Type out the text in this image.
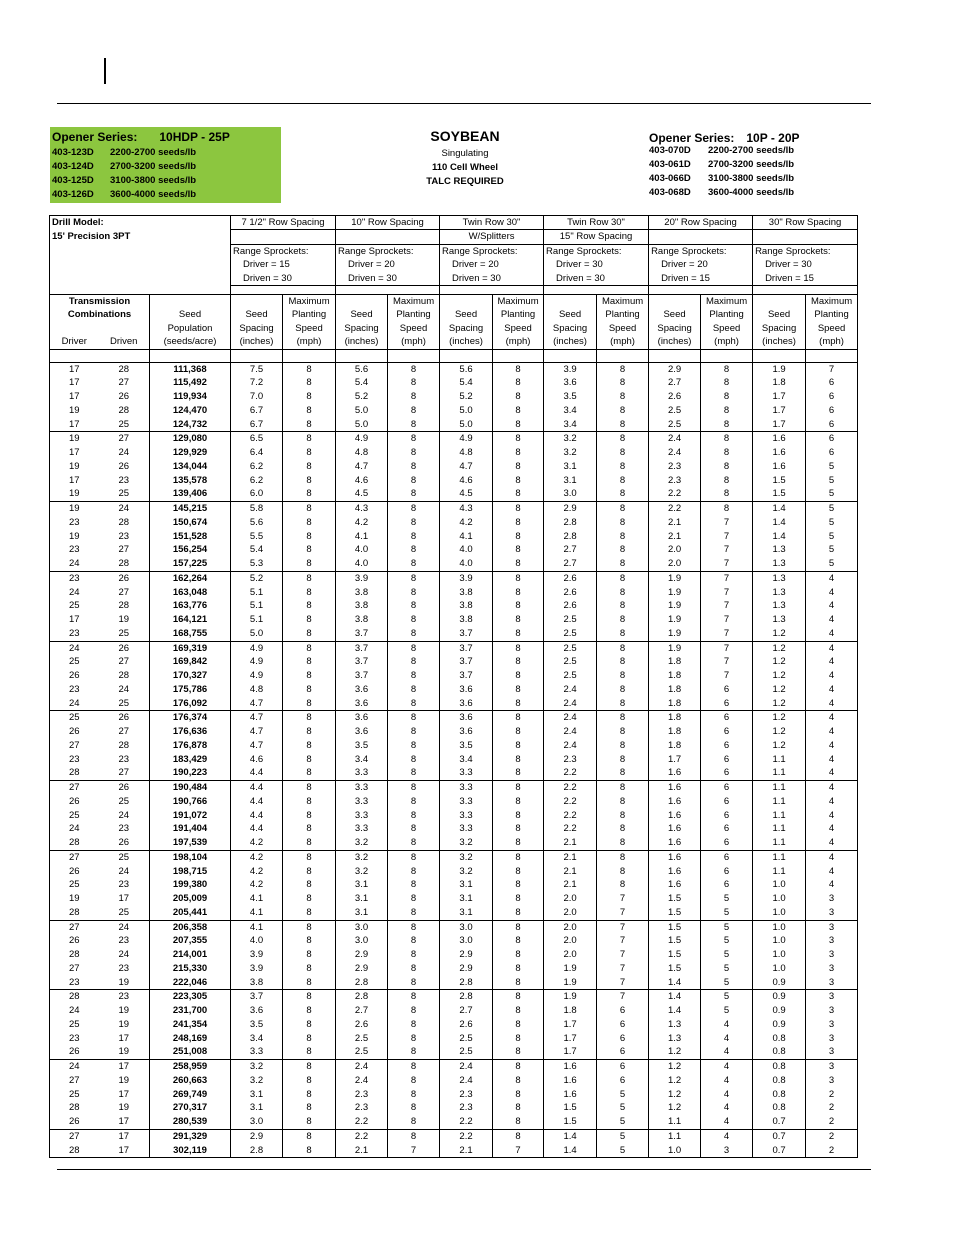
Opener Series: 10HDP - 25P
403-123D 2200-2700 seeds/lb
403-124D 2700-3200 seeds/lb
403-125D 3100-3800 seeds/lb
403-126D 3600-4000 seeds/lb
SOYBEAN
Singulating
110 Cell Wheel
TALC REQUIRED
Opener Series: 10P - 20P
403-070D 2200-2700 seeds/lb
403-061D 2700-3200 seeds/lb
403-066D 3100-3800 seeds/lb
403-068D 3600-4000 seeds/lb
Drill Model:			7 1/2" Row Spacing		10" Row Spacing		Twin Row 30"		Twin Row 30"		20" Row Spacing		30" Row Spacing	
15' Precision 3PT							W/Splitters		15" Row Spacing					
			Range Sprockets:		Range Sprockets:		Range Sprockets:		Range Sprockets:		Range Sprockets:		Range Sprockets:	
			Driver = 15		Driver = 20		Driver = 20		Driver = 30		Driver = 20		Driver = 30	
			Driven = 30		Driven = 30		Driven = 30		Driven = 30		Driven = 15		Driven = 15	

Transmission				Maximum		Maximum		Maximum		Maximum		Maximum		Maximum
Combinations		Seed	Seed	Planting	Seed	Planting	Seed	Planting	Seed	Planting	Seed	Planting	Seed	Planting
		Population	Spacing	Speed	Spacing	Speed	Spacing	Speed	Spacing	Speed	Spacing	Speed	Spacing	Speed
Driver	Driven	(seeds/acre)	(inches)	(mph)	(inches)	(mph)	(inches)	(mph)	(inches)	(mph)	(inches)	(mph)	(inches)	(mph)

17	28	111,368	7.5	8	5.6	8	5.6	8	3.9	8	2.9	8	1.9	7
17	27	115,492	7.2	8	5.4	8	5.4	8	3.6	8	2.7	8	1.8	6
17	26	119,934	7.0	8	5.2	8	5.2	8	3.5	8	2.6	8	1.7	6
19	28	124,470	6.7	8	5.0	8	5.0	8	3.4	8	2.5	8	1.7	6
17	25	124,732	6.7	8	5.0	8	5.0	8	3.4	8	2.5	8	1.7	6
19	27	129,080	6.5	8	4.9	8	4.9	8	3.2	8	2.4	8	1.6	6
17	24	129,929	6.4	8	4.8	8	4.8	8	3.2	8	2.4	8	1.6	6
19	26	134,044	6.2	8	4.7	8	4.7	8	3.1	8	2.3	8	1.6	5
17	23	135,578	6.2	8	4.6	8	4.6	8	3.1	8	2.3	8	1.5	5
19	25	139,406	6.0	8	4.5	8	4.5	8	3.0	8	2.2	8	1.5	5
19	24	145,215	5.8	8	4.3	8	4.3	8	2.9	8	2.2	8	1.4	5
23	28	150,674	5.6	8	4.2	8	4.2	8	2.8	8	2.1	7	1.4	5
19	23	151,528	5.5	8	4.1	8	4.1	8	2.8	8	2.1	7	1.4	5
23	27	156,254	5.4	8	4.0	8	4.0	8	2.7	8	2.0	7	1.3	5
24	28	157,225	5.3	8	4.0	8	4.0	8	2.7	8	2.0	7	1.3	5
23	26	162,264	5.2	8	3.9	8	3.9	8	2.6	8	1.9	7	1.3	4
24	27	163,048	5.1	8	3.8	8	3.8	8	2.6	8	1.9	7	1.3	4
25	28	163,776	5.1	8	3.8	8	3.8	8	2.6	8	1.9	7	1.3	4
17	19	164,121	5.1	8	3.8	8	3.8	8	2.5	8	1.9	7	1.3	4
23	25	168,755	5.0	8	3.7	8	3.7	8	2.5	8	1.9	7	1.2	4
24	26	169,319	4.9	8	3.7	8	3.7	8	2.5	8	1.9	7	1.2	4
25	27	169,842	4.9	8	3.7	8	3.7	8	2.5	8	1.8	7	1.2	4
26	28	170,327	4.9	8	3.7	8	3.7	8	2.5	8	1.8	7	1.2	4
23	24	175,786	4.8	8	3.6	8	3.6	8	2.4	8	1.8	6	1.2	4
24	25	176,092	4.7	8	3.6	8	3.6	8	2.4	8	1.8	6	1.2	4
25	26	176,374	4.7	8	3.6	8	3.6	8	2.4	8	1.8	6	1.2	4
26	27	176,636	4.7	8	3.6	8	3.6	8	2.4	8	1.8	6	1.2	4
27	28	176,878	4.7	8	3.5	8	3.5	8	2.4	8	1.8	6	1.2	4
23	23	183,429	4.6	8	3.4	8	3.4	8	2.3	8	1.7	6	1.1	4
28	27	190,223	4.4	8	3.3	8	3.3	8	2.2	8	1.6	6	1.1	4
27	26	190,484	4.4	8	3.3	8	3.3	8	2.2	8	1.6	6	1.1	4
26	25	190,766	4.4	8	3.3	8	3.3	8	2.2	8	1.6	6	1.1	4
25	24	191,072	4.4	8	3.3	8	3.3	8	2.2	8	1.6	6	1.1	4
24	23	191,404	4.4	8	3.3	8	3.3	8	2.2	8	1.6	6	1.1	4
28	26	197,539	4.2	8	3.2	8	3.2	8	2.1	8	1.6	6	1.1	4
27	25	198,104	4.2	8	3.2	8	3.2	8	2.1	8	1.6	6	1.1	4
26	24	198,715	4.2	8	3.2	8	3.2	8	2.1	8	1.6	6	1.1	4
25	23	199,380	4.2	8	3.1	8	3.1	8	2.1	8	1.6	6	1.0	4
19	17	205,009	4.1	8	3.1	8	3.1	8	2.0	7	1.5	5	1.0	3
28	25	205,441	4.1	8	3.1	8	3.1	8	2.0	7	1.5	5	1.0	3
27	24	206,358	4.1	8	3.0	8	3.0	8	2.0	7	1.5	5	1.0	3
26	23	207,355	4.0	8	3.0	8	3.0	8	2.0	7	1.5	5	1.0	3
28	24	214,001	3.9	8	2.9	8	2.9	8	2.0	7	1.5	5	1.0	3
27	23	215,330	3.9	8	2.9	8	2.9	8	1.9	7	1.5	5	1.0	3
23	19	222,046	3.8	8	2.8	8	2.8	8	1.9	7	1.4	5	0.9	3
28	23	223,305	3.7	8	2.8	8	2.8	8	1.9	7	1.4	5	0.9	3
24	19	231,700	3.6	8	2.7	8	2.7	8	1.8	6	1.4	5	0.9	3
25	19	241,354	3.5	8	2.6	8	2.6	8	1.7	6	1.3	4	0.9	3
23	17	248,169	3.4	8	2.5	8	2.5	8	1.7	6	1.3	4	0.8	3
26	19	251,008	3.3	8	2.5	8	2.5	8	1.7	6	1.2	4	0.8	3
24	17	258,959	3.2	8	2.4	8	2.4	8	1.6	6	1.2	4	0.8	3
27	19	260,663	3.2	8	2.4	8	2.4	8	1.6	6	1.2	4	0.8	3
25	17	269,749	3.1	8	2.3	8	2.3	8	1.6	5	1.2	4	0.8	2
28	19	270,317	3.1	8	2.3	8	2.3	8	1.5	5	1.2	4	0.8	2
26	17	280,539	3.0	8	2.2	8	2.2	8	1.5	5	1.1	4	0.7	2
27	17	291,329	2.9	8	2.2	8	2.2	8	1.4	5	1.1	4	0.7	2
28	17	302,119	2.8	8	2.1	7	2.1	7	1.4	5	1.0	3	0.7	2
